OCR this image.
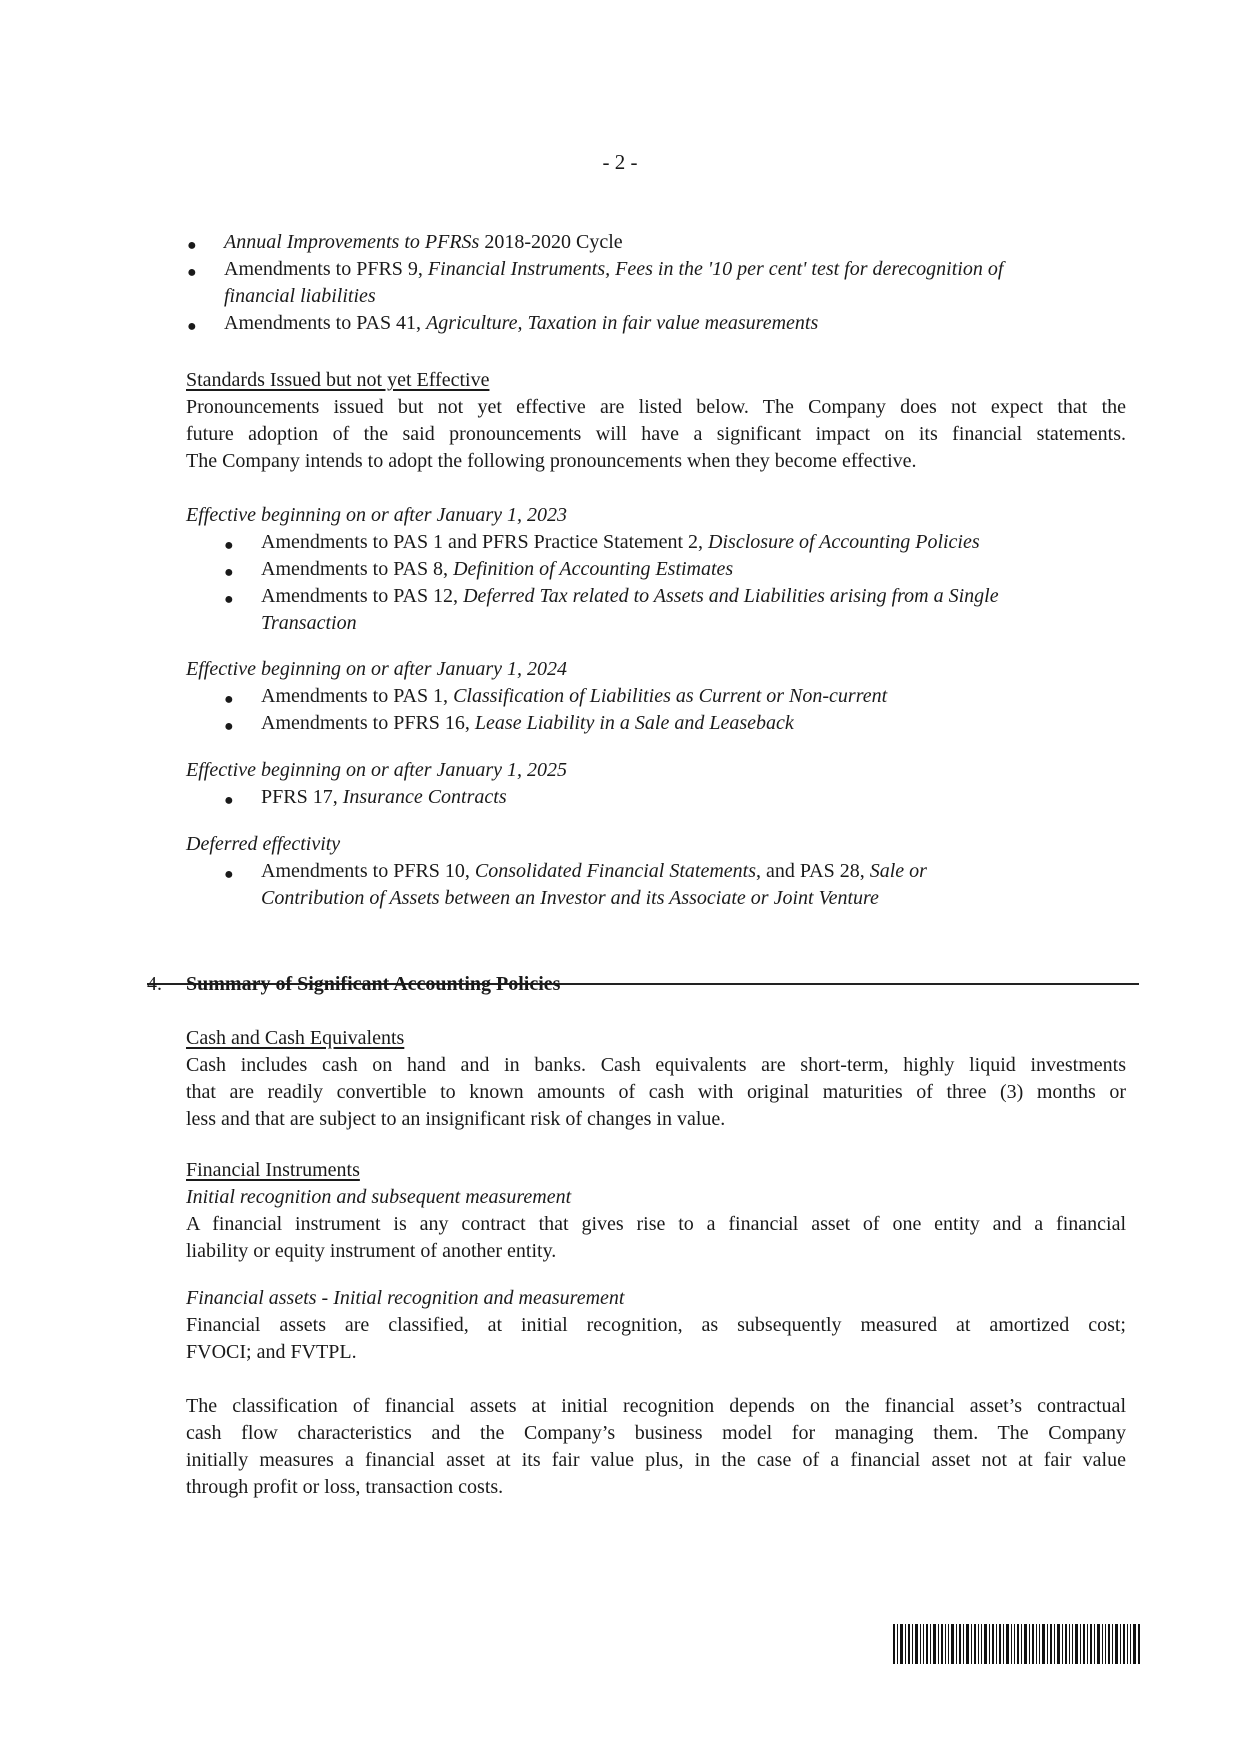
- 2 -
● Annual Improvements to PFRSs 2018-2020 Cycle
● Amendments to PFRS 9, Financial Instruments, Fees in the '10 per cent' test for derecognition of
financial liabilities
● Amendments to PAS 41, Agriculture, Taxation in fair value measurements
Standards Issued but not yet Effective
Pronouncements issued but not yet effective are listed below. The Company does not expect that the
future adoption of the said pronouncements will have a significant impact on its financial statements.
The Company intends to adopt the following pronouncements when they become effective.
Effective beginning on or after January 1, 2023
● Amendments to PAS 1 and PFRS Practice Statement 2, Disclosure of Accounting Policies
● Amendments to PAS 8, Definition of Accounting Estimates
● Amendments to PAS 12, Deferred Tax related to Assets and Liabilities arising from a Single
Transaction
Effective beginning on or after January 1, 2024
● Amendments to PAS 1, Classification of Liabilities as Current or Non-current
● Amendments to PFRS 16, Lease Liability in a Sale and Leaseback
Effective beginning on or after January 1, 2025
● PFRS 17, Insurance Contracts
Deferred effectivity
● Amendments to PFRS 10, Consolidated Financial Statements, and PAS 28, Sale or
Contribution of Assets between an Investor and its Associate or Joint Venture
4. Summary of Significant Accounting Policies
Cash and Cash Equivalents
Cash includes cash on hand and in banks. Cash equivalents are short-term, highly liquid investments
that are readily convertible to known amounts of cash with original maturities of three (3) months or
less and that are subject to an insignificant risk of changes in value.
Financial Instruments
Initial recognition and subsequent measurement
A financial instrument is any contract that gives rise to a financial asset of one entity and a financial
liability or equity instrument of another entity.
Financial assets - Initial recognition and measurement
Financial assets are classified, at initial recognition, as subsequently measured at amortized cost;
FVOCI; and FVTPL.
The classification of financial assets at initial recognition depends on the financial asset’s contractual
cash flow characteristics and the Company’s business model for managing them. The Company
initially measures a financial asset at its fair value plus, in the case of a financial asset not at fair value
through profit or loss, transaction costs.
